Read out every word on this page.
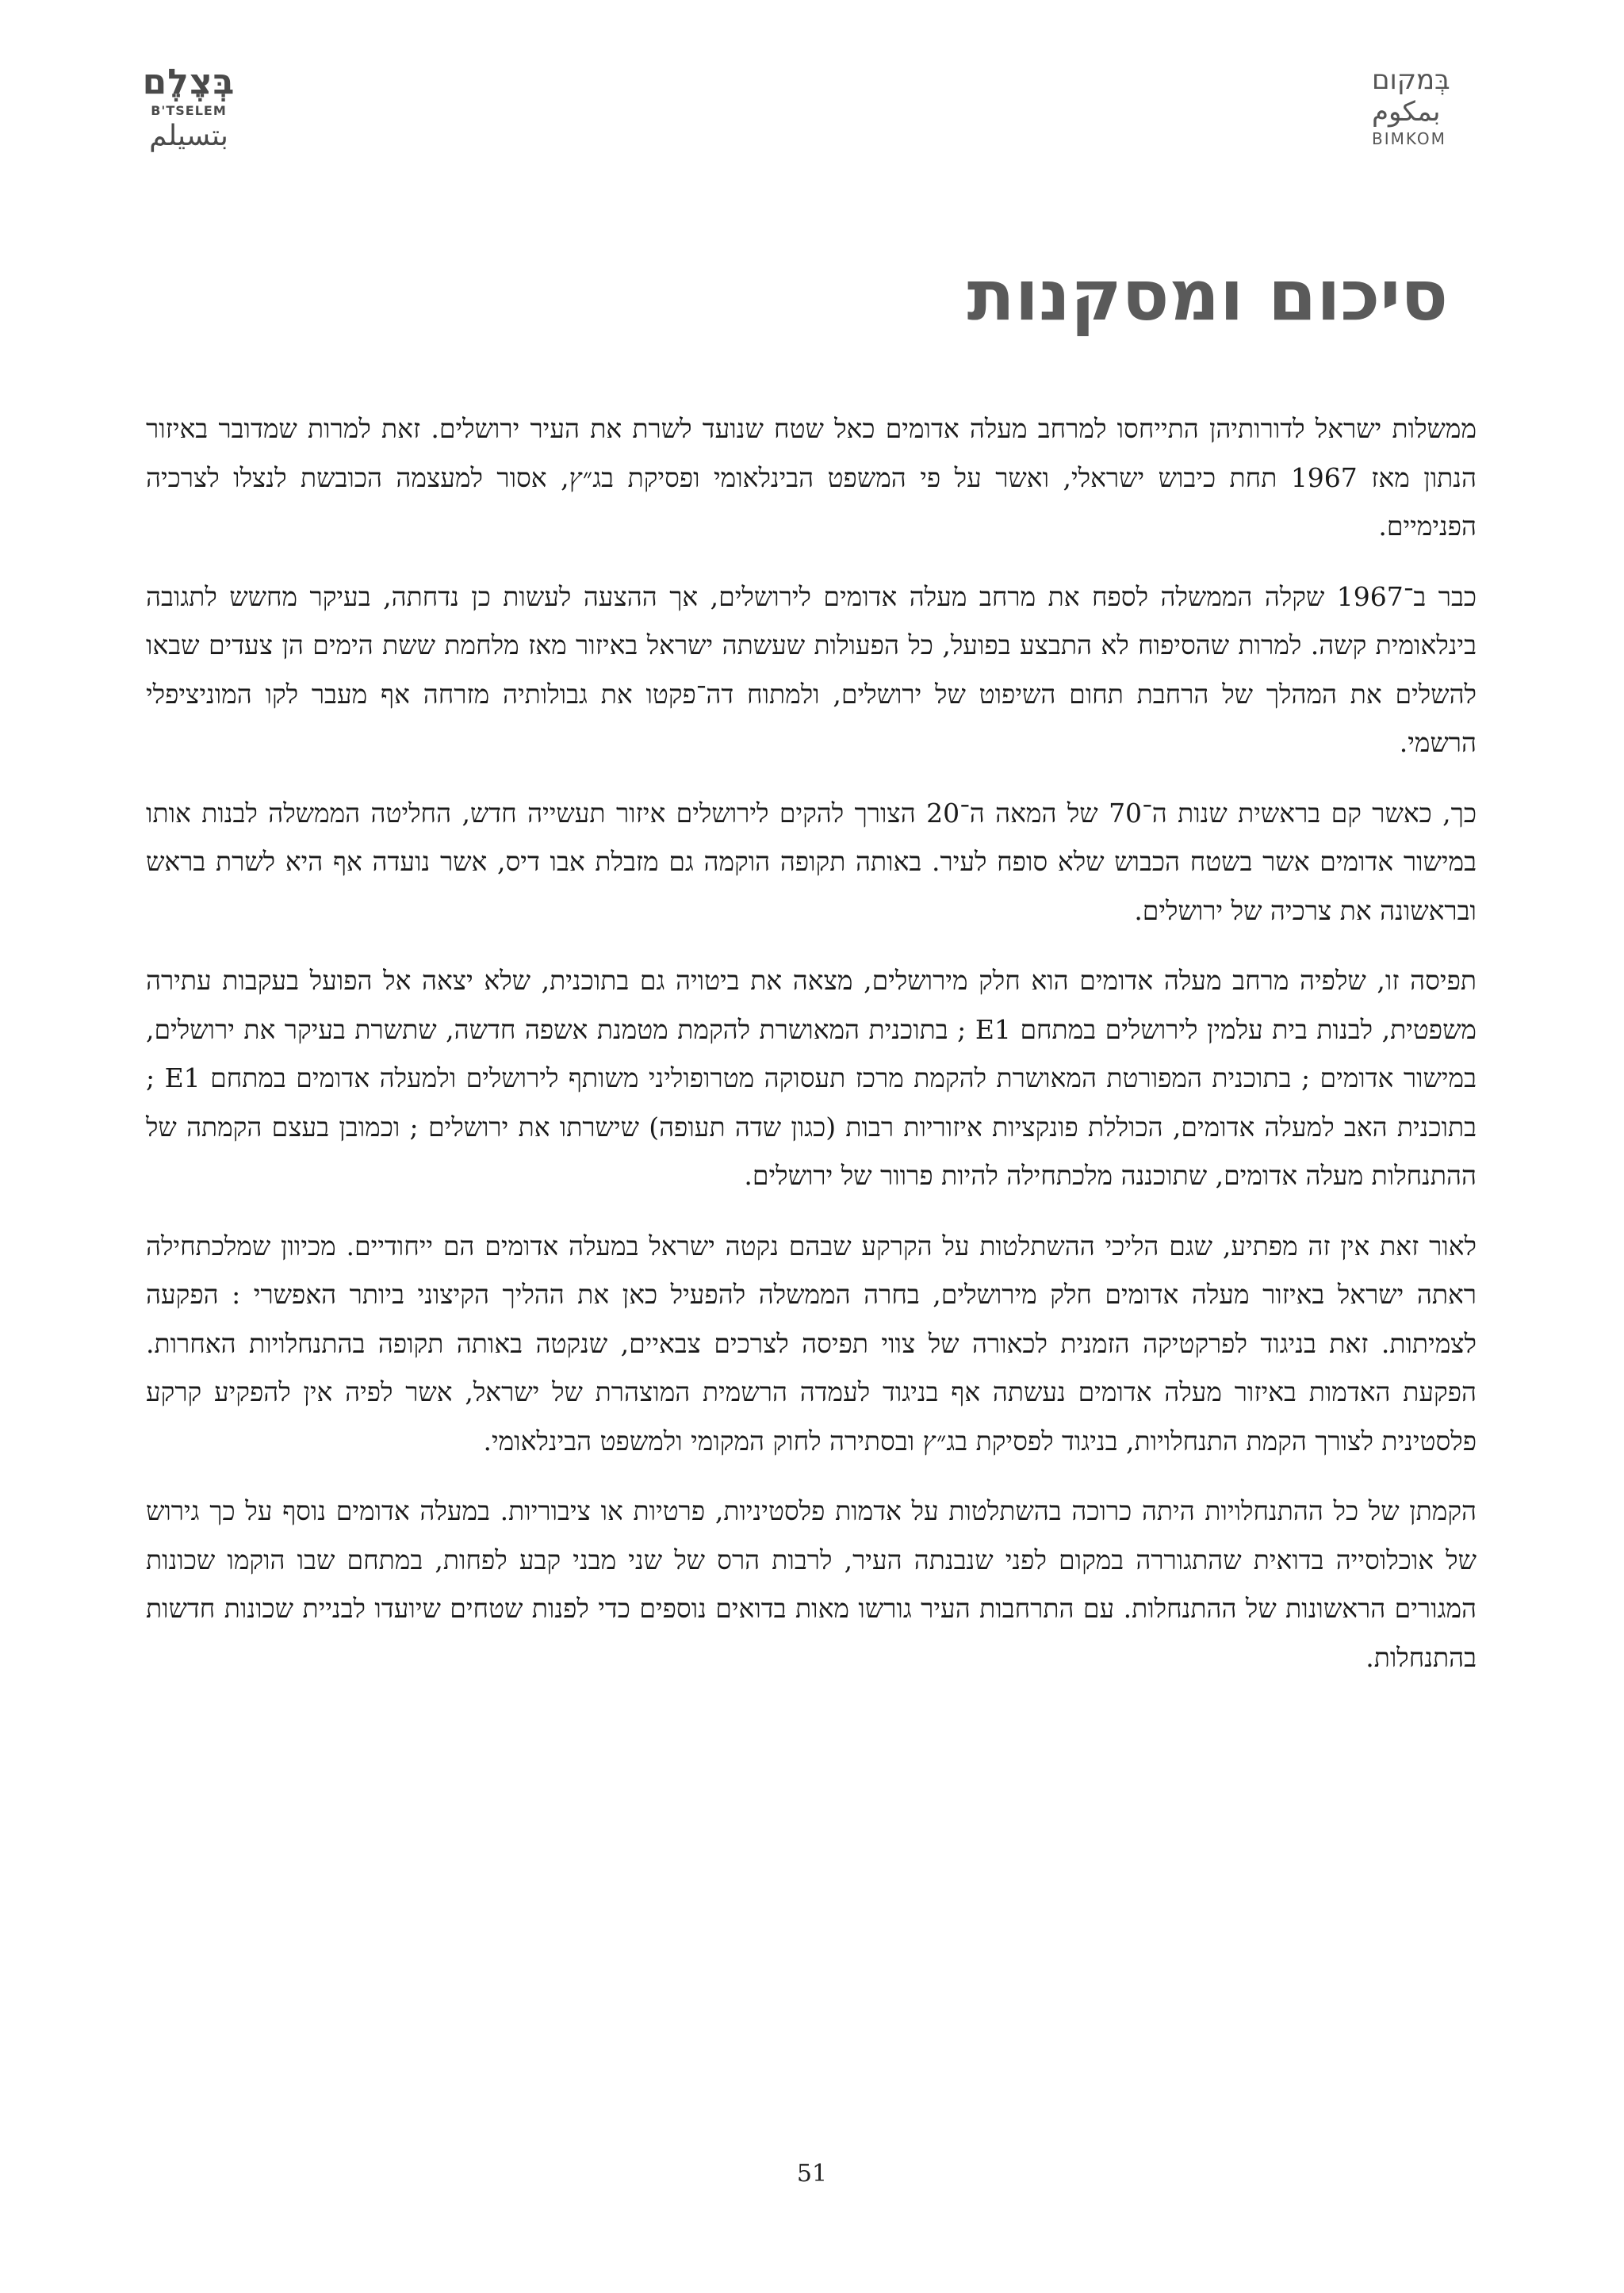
בְּצֶלֶם
B'TSELEM
بتسيلم
בְּמקום
بمكوم
BIMKOM
סיכום ומסקנות

ממשלות ישראל לדורותיהן התייחסו למרחב מעלה אדומים כאל שטח שנועד לשרת את העיר ירושלים. זאת למרות שמדובר באיזור הנתון מאז 1967 תחת כיבוש ישראלי, ואשר על פי המשפט הבינלאומי ופסיקת בג״ץ, אסור למעצמה הכובשת לנצלו לצרכיה הפנימיים.

כבר ב־1967 שקלה הממשלה לספח את מרחב מעלה אדומים לירושלים, אך ההצעה לעשות כן נדחתה, בעיקר מחשש לתגובה בינלאומית קשה. למרות שהסיפוח לא התבצע בפועל, כל הפעולות שעשתה ישראל באיזור מאז מלחמת ששת הימים הן צעדים שבאו להשלים את המהלך של הרחבת תחום השיפוט של ירושלים, ולמתוח דה־פקטו את גבולותיה מזרחה אף מעבר לקו המוניציפלי הרשמי.

כך, כאשר קם בראשית שנות ה־70 של המאה ה־20 הצורך להקים לירושלים איזור תעשייה חדש, החליטה הממשלה לבנות אותו במישור אדומים אשר בשטח הכבוש שלא סופח לעיר. באותה תקופה הוקמה גם מזבלת אבו דיס, אשר נועדה אף היא לשרת בראש ובראשונה את צרכיה של ירושלים.

תפיסה זו, שלפיה מרחב מעלה אדומים הוא חלק מירושלים, מצאה את ביטויה גם בתוכנית, שלא יצאה אל הפועל בעקבות עתירה משפטית, לבנות בית עלמין לירושלים במתחם E1 ; בתוכנית המאושרת להקמת מטמנת אשפה חדשה, שתשרת בעיקר את ירושלים, במישור אדומים ; בתוכנית המפורטת המאושרת להקמת מרכז תעסוקה מטרופוליני משותף לירושלים ולמעלה אדומים במתחם E1 ; בתוכנית האב למעלה אדומים, הכוללת פונקציות איזוריות רבות (כגון שדה תעופה) שישרתו את ירושלים ; וכמובן בעצם הקמתה של ההתנחלות מעלה אדומים, שתוכננה מלכתחילה להיות פרוור של ירושלים.

לאור זאת אין זה מפתיע, שגם הליכי ההשתלטות על הקרקע שבהם נקטה ישראל במעלה אדומים הם ייחודיים. מכיוון שמלכתחילה ראתה ישראל באיזור מעלה אדומים חלק מירושלים, בחרה הממשלה להפעיל כאן את ההליך הקיצוני ביותר האפשרי : הפקעה לצמיתות. זאת בניגוד לפרקטיקה הזמנית לכאורה של צווי תפיסה לצרכים צבאיים, שנקטה באותה תקופה בהתנחלויות האחרות. הפקעת האדמות באיזור מעלה אדומים נעשתה אף בניגוד לעמדה הרשמית המוצהרת של ישראל, אשר לפיה אין להפקיע קרקע פלסטינית לצורך הקמת התנחלויות, בניגוד לפסיקת בג״ץ ובסתירה לחוק המקומי ולמשפט הבינלאומי.

הקמתן של כל ההתנחלויות היתה כרוכה בהשתלטות על אדמות פלסטיניות, פרטיות או ציבוריות. במעלה אדומים נוסף על כך גירוש של אוכלוסייה בדואית שהתגוררה במקום לפני שנבנתה העיר, לרבות הרס של שני מבני קבע לפחות, במתחם שבו הוקמו שכונות המגורים הראשונות של ההתנחלות. עם התרחבות העיר גורשו מאות בדואים נוספים כדי לפנות שטחים שיועדו לבניית שכונות חדשות בהתנחלות.

51
